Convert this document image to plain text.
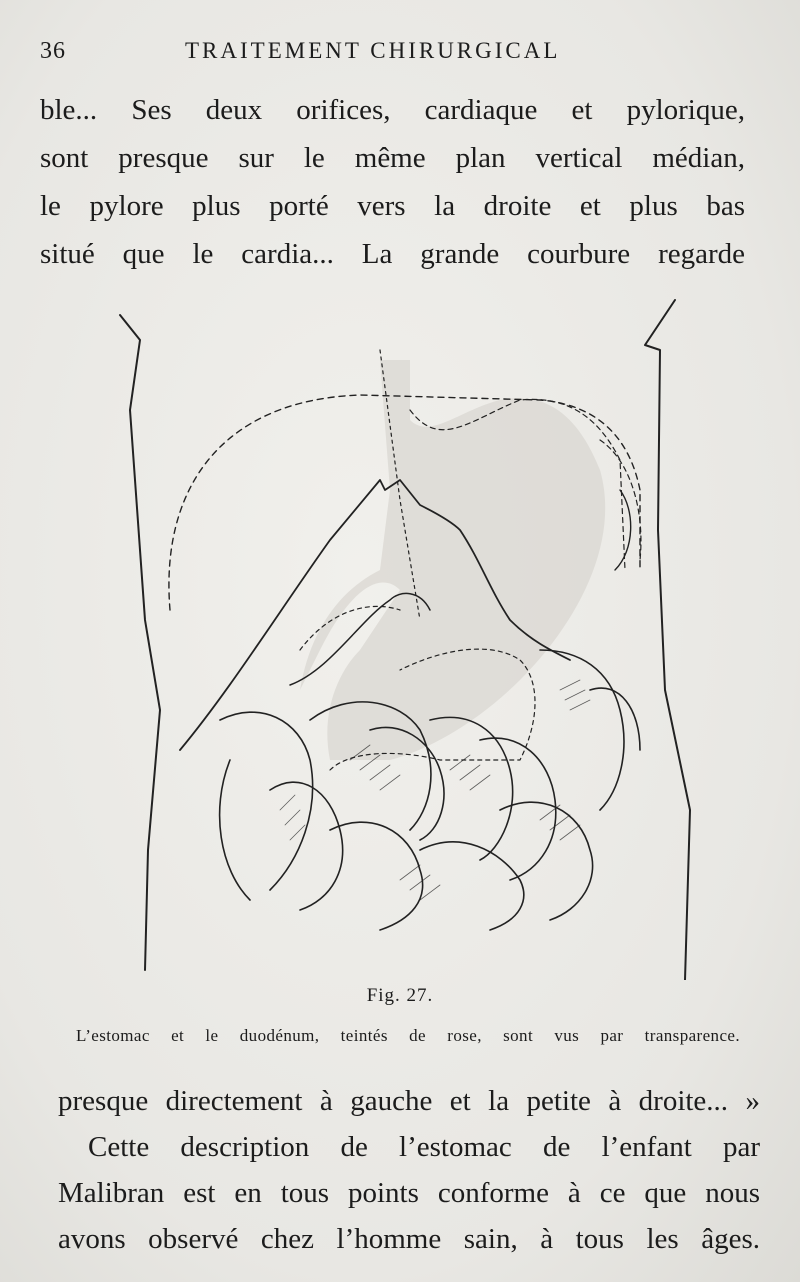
36	TRAITEMENT CHIRURGICAL
ble... Ses deux orifices, cardiaque et pylorique,
sont presque sur le même plan vertical médian,
le pylore plus porté vers la droite et plus bas
situé que le cardia... La grande courbure regarde
Fig. 27.
L’estomac et le duodénum, teintés de rose, sont vus par transparence.
presque directement à gauche et la petite à droite... »
Cette description de l’estomac de l’enfant par
Malibran est en tous points conforme à ce que nous
avons observé chez l’homme sain, à tous les âges.
